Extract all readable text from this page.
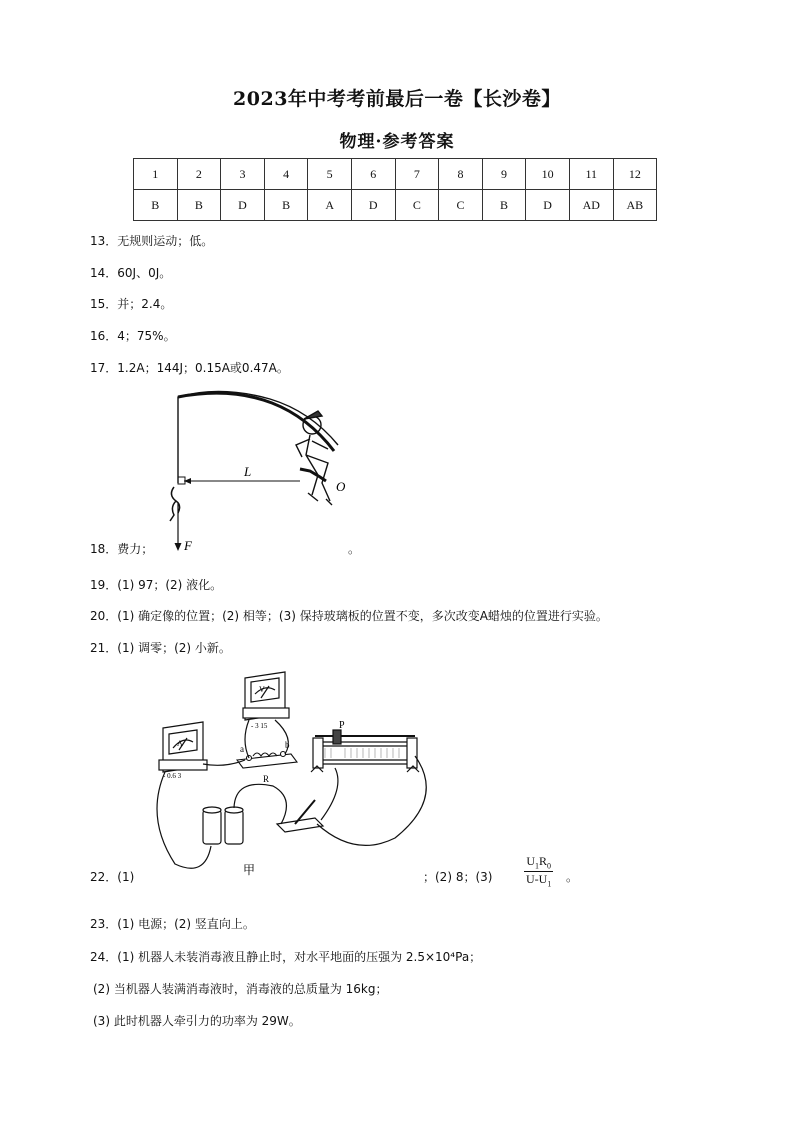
2023年中考考前最后一卷【长沙卷】
物理·参考答案
1	2	3	4	5	6	7	8	9	10	11	12
B	B	D	B	A	D	C	C	B	D	AD	AB
13．无规则运动；低。
14．60J、0J。
15．并；2.4。
16．4；75%。
17．1.2A；144J；0.15A或0.47A。
L
F
O
18．费力；	。
19．(1) 97；(2) 液化。
20．(1) 确定像的位置；(2) 相等；(3) 保持玻璃板的位置不变，多次改变A蜡烛的位置进行实验。
21．(1) 调零；(2) 小新。
V
- 3 15
A
- 0.6 3
a	b
R
P
甲
22．(1)	；(2) 8；(3)
$U_1R_0$
$U-U_1$
。
23．(1) 电源；(2) 竖直向上。
24．(1) 机器人未装消毒液且静止时，对水平地面的压强为 2.5×10⁴Pa；
(2) 当机器人装满消毒液时，消毒液的总质量为 16kg；
(3) 此时机器人牵引力的功率为 29W。
